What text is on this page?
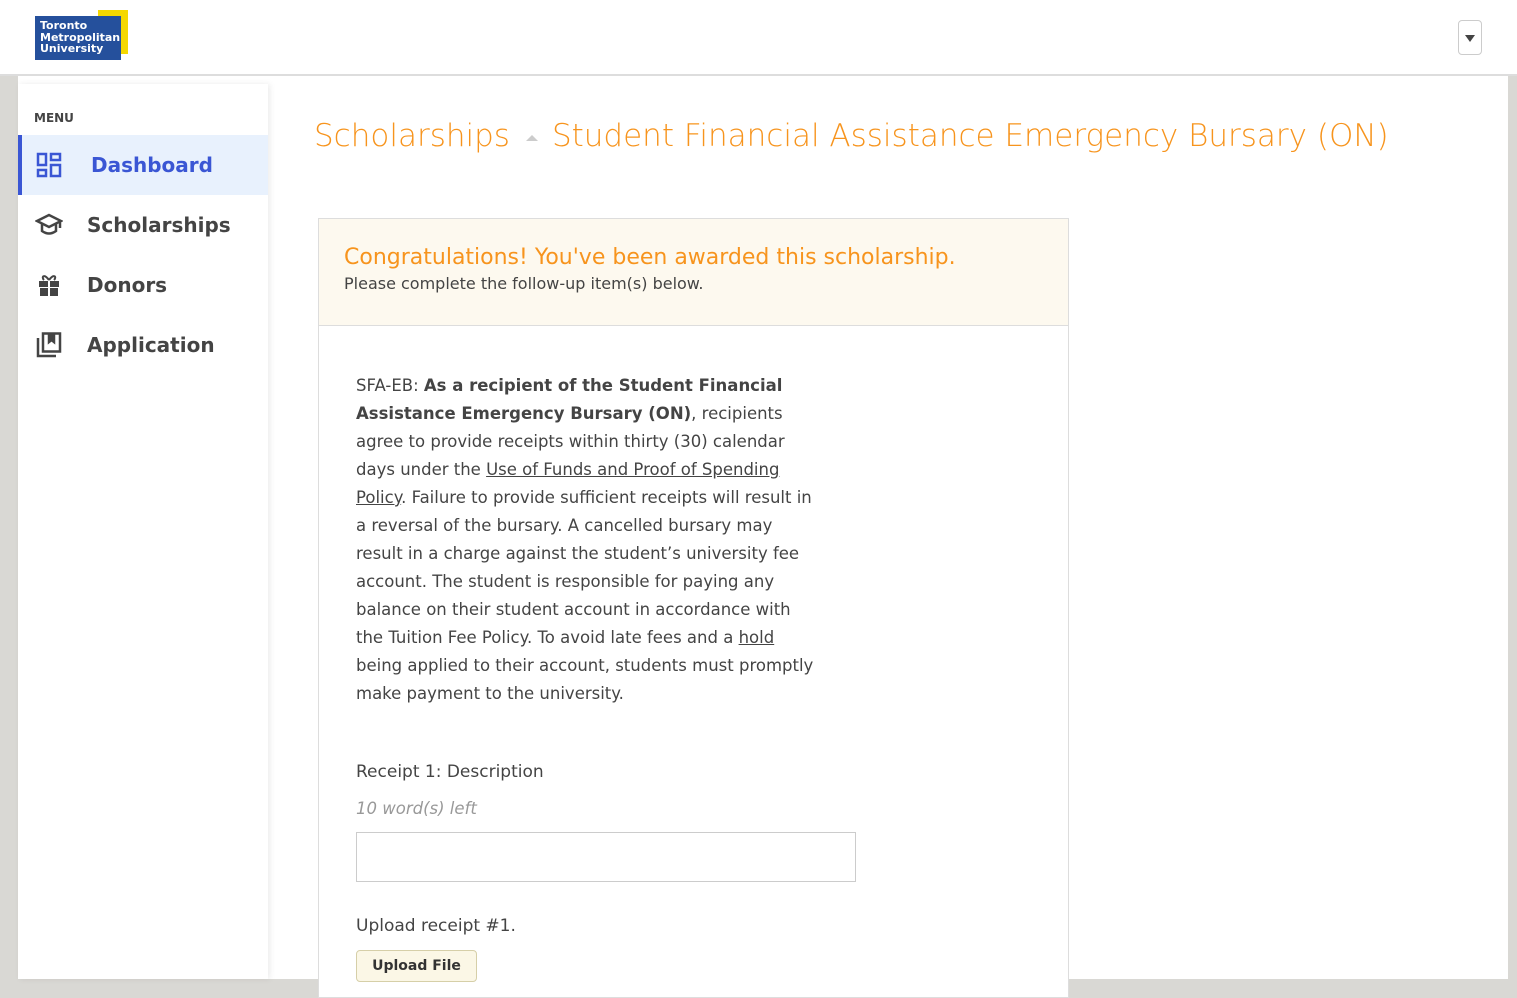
Toronto
Metropolitan
University
MENU
Dashboard
Scholarships
Donors
Application
Scholarships Student Financial Assistance Emergency Bursary (ON)
Congratulations! You've been awarded this scholarship.

Please complete the follow-up item(s) below.

SFA-EB: As a recipient of the Student Financial Assistance Emergency Bursary (ON), recipients agree to provide receipts within thirty (30) calendar days under the Use of Funds and Proof of Spending Policy. Failure to provide sufficient receipts will result in a reversal of the bursary. A cancelled bursary may result in a charge against the student’s university fee account. The student is responsible for paying any balance on their student account in accordance with the Tuition Fee Policy. To avoid late fees and a hold being applied to their account, students must promptly make payment to the university.

Receipt 1: Description
10 word(s) left
Upload receipt #1.
Upload File
